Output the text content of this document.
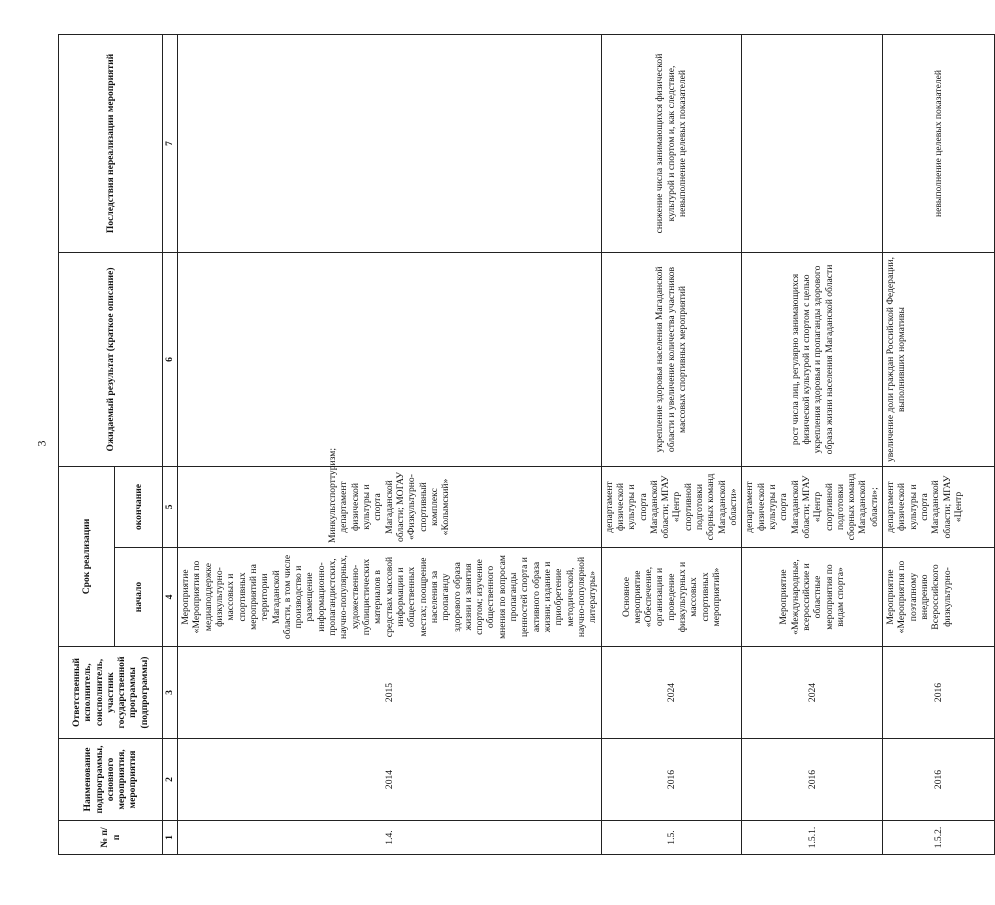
3
№ п/п	Наименование подпрограммы, основного мероприятия, мероприятия	Ответственный исполнитель, соисполнитель, участник государственной программы (подпрограммы)	Срок реализации		Ожидаемый результат (краткое описание)	Последствия нереализации мероприятий
			начало	окончание		
1	2	3	4	5	6	7
1.4.	2014	2015	Мероприятие «Мероприятия по медиаподдержке физкультурно-массовых и спортивных мероприятий на территории Магаданской области, в том числе производство и размещение информационно-пропагандистских, научно-популярных, художественно-публицистических материалов в средствах массовой информации и общественных местах; поощрение населения за пропаганду здорового образа жизни и занятия спортом; изучение общественного мнения по вопросам пропаганды ценностей спорта и активного образа жизни; издание и приобретение методической, научно-популярной литературы»	Минкультспорттуризм; департамент физической культуры и спорта Магаданской области; МОГАУ «Физкультурно-спортивный комплекс «Колымский»		
1.5.	2016	2024	Основное мероприятие «Обеспечение, организация и проведение физкультурных и массовых спортивных мероприятий»	департамент физической культуры и спорта Магаданской области; МГАУ «Центр спортивной подготовки сборных команд Магаданской области»	укрепление здоровья населения Магаданской области и увеличение количества участников массовых спортивных мероприятий	снижение числа занимающихся физической культурой и спортом и, как следствие, невыполнение целевых показателей
1.5.1.	2016	2024	Мероприятие «Международные, всероссийские и областные мероприятия по видам спорта»	департамент физической культуры и спорта Магаданской области; МГАУ «Центр спортивной подготовки сборных команд Магаданской области»;	рост числа лиц, регулярно занимающихся физической культурой и спортом с целью укрепления здоровья и пропаганды здорового образа жизни населения Магаданской области	
1.5.2.	2016	2016	Мероприятие «Мероприятия по поэтапному внедрению Всероссийского физкультурно-	департамент физической культуры и спорта Магаданской области; МГАУ «Центр	увеличение доли граждан Российской Федерации, выполнивших нормативы	невыполнение целевых показателей
